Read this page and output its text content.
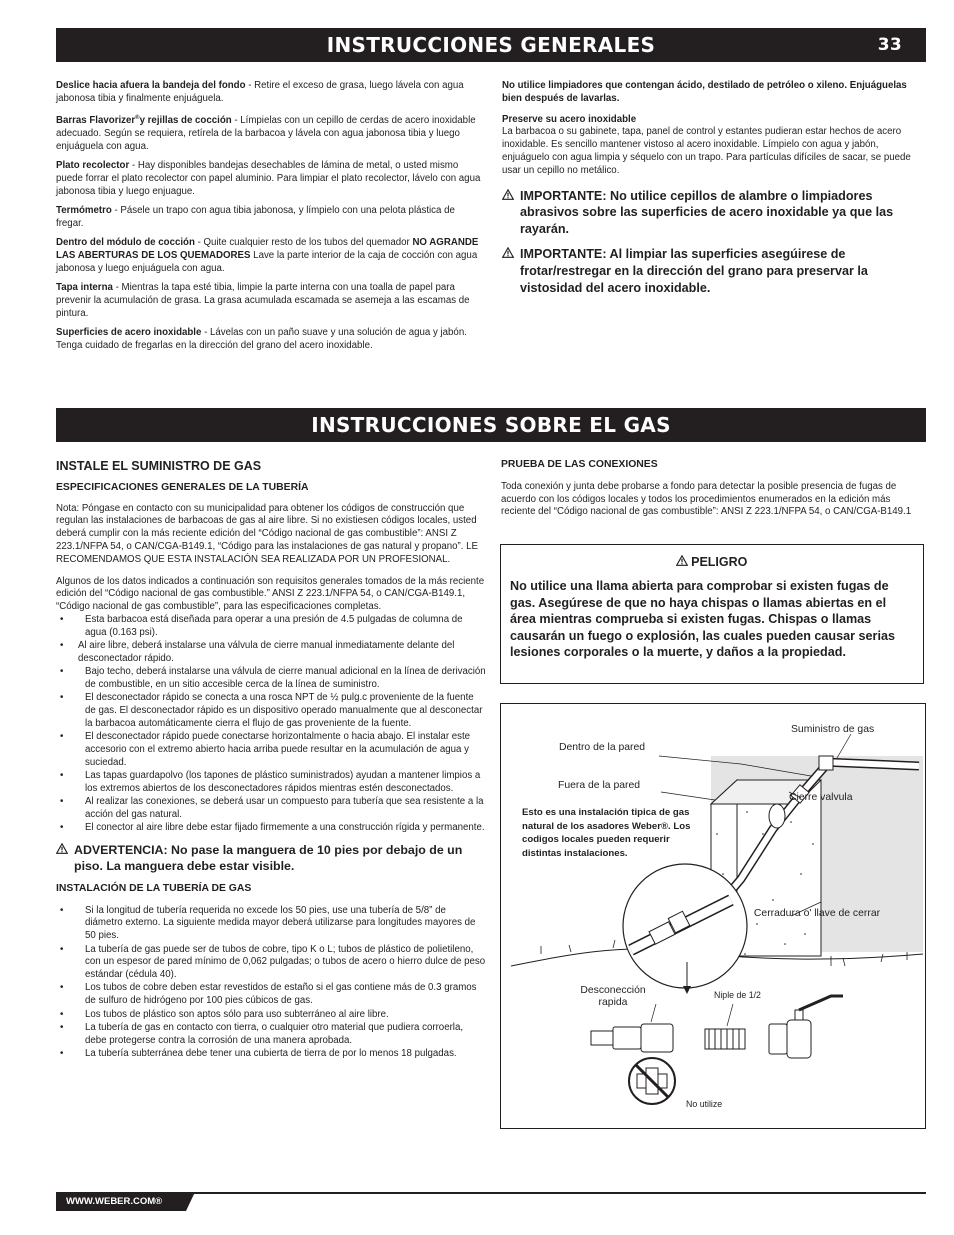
INSTRUCCIONES GENERALES	33

Deslice hacia afuera la bandeja del fondo - Retire el exceso de grasa, luego lávela con agua jabonosa tibia y finalmente enjuáguela.

Barras Flavorizer®y rejillas de cocción - Límpielas con un cepillo de cerdas de acero inoxidable adecuado. Según se requiera, retírela de la barbacoa y lávela con agua jabonosa tibia y luego enjuáguela con agua.

Plato recolector - Hay disponibles bandejas desechables de lámina de metal, o usted mismo puede forrar el plato recolector con papel aluminio. Para limpiar el plato recolector, lávelo con agua jabonosa tibia y luego enjuague.

Termómetro - Pásele un trapo con agua tibia jabonosa, y límpielo con una pelota plástica de fregar.

Dentro del módulo de cocción - Quite cualquier resto de los tubos del quemador NO AGRANDE LAS ABERTURAS DE LOS QUEMADORES Lave la parte interior de la caja de cocción con agua jabonosa y luego enjuáguela con agua.

Tapa interna - Mientras la tapa esté tibia, limpie la parte interna con una toalla de papel para prevenir la acumulación de grasa. La grasa acumulada escamada se asemeja a las escamas de pintura.

Superficies de acero inoxidable - Lávelas con un paño suave y una solución de agua y jabón. Tenga cuidado de fregarlas en la dirección del grano del acero inoxidable.

No utilice limpiadores que contengan ácido, destilado de petróleo o xileno. Enjuáguelas bien después de lavarlas.

Preserve su acero inoxidable

La barbacoa o su gabinete, tapa, panel de control y estantes pudieran estar hechos de acero inoxidable. Es sencillo mantener vistoso al acero inoxidable. Límpielo con agua y jabón, enjuáguelo con agua limpia y séquelo con un trapo. Para partículas difíciles de sacar, se puede usar un cepillo no metálico.

IMPORTANTE: No utilice cepillos de alambre o limpiadores abrasivos sobre las superficies de acero inoxidable ya que las rayarán.
IMPORTANTE: Al limpiar las superficies asegúirese de frotar/restregar en la dirección del grano para preservar la vistosidad del acero inoxidable.
INSTRUCCIONES SOBRE EL GAS
INSTALE EL SUMINISTRO DE GAS
ESPECIFICACIONES GENERALES DE LA TUBERÍA

Nota: Póngase en contacto con su municipalidad para obtener los códigos de construcción que regulan las instalaciones de barbacoas de gas al aire libre. Si no existiesen códigos locales, usted deberá cumplir con la más reciente edición del “Código nacional de gas combustible”: ANSI Z 223.1/NFPA 54, o CAN/CGA-B149.1, “Código para las instalaciones de gas natural y propano”. LE RECOMENDAMOS QUE ESTA INSTALACIÓN SEA REALIZADA POR UN PROFESIONAL.

Algunos de los datos indicados a continuación son requisitos generales tomados de la más reciente edición del “Código nacional de gas combustible.” ANSI Z 223.1/NFPA 54, o CAN/CGA-B149.1, “Código nacional de gas combustible”, para las especificaciones completas.

• Esta barbacoa está diseñada para operar a una presión de 4.5 pulgadas de columna de agua (0.163 psi).
• Al aire libre, deberá instalarse una válvula de cierre manual inmediatamente delante del desconectador rápido.
• Bajo techo, deberá instalarse una válvula de cierre manual adicional en la línea de derivación de combustible, en un sitio accesible cerca de la línea de suministro.
• El desconectador rápido se conecta a una rosca NPT de ½ pulg.c proveniente de la fuente de gas. El desconectador rápido es un dispositivo operado manualmente que al desconectar la barbacoa automáticamente cierra el flujo de gas proveniente de la fuente.
• El desconectador rápido puede conectarse horizontalmente o hacia abajo. El instalar este accesorio con el extremo abierto hacia arriba puede resultar en la acumulación de agua y suciedad.
• Las tapas guardapolvo (los tapones de plástico suministrados) ayudan a mantener limpios a los extremos abiertos de los desconectadores rápidos mientras estén desconectados.
• Al realizar las conexiones, se deberá usar un compuesto para tubería que sea resistente a la acción del gas natural.
• El conector al aire libre debe estar fijado firmemente a una construcción rígida y permanente.
ADVERTENCIA: No pase la manguera de 10 pies por debajo de un piso. La manguera debe estar visible.
INSTALACIÓN DE LA TUBERÍA DE GAS
• Si la longitud de tubería requerida no excede los 50 pies, use una tubería de 5/8” de diámetro externo. La siguiente medida mayor deberá utilizarse para longitudes mayores de 50 pies.
• La tubería de gas puede ser de tubos de cobre, tipo K o L; tubos de plástico de polietileno, con un espesor de pared mínimo de 0,062 pulgadas; o tubos de acero o hierro dulce de peso estándar (cédula 40).
• Los tubos de cobre deben estar revestidos de estaño si el gas contiene más de 0.3 gramos de sulfuro de hidrógeno por 100 pies cúbicos de gas.
• Los tubos de plástico son aptos sólo para uso subterráneo al aire libre.
• La tubería de gas en contacto con tierra, o cualquier otro material que pudiera corroerla, debe protegerse contra la corrosión de una manera aprobada.
• La tubería subterránea debe tener una cubierta de tierra de por lo menos 18 pulgadas.
PRUEBA DE LAS CONEXIONES

Toda conexión y junta debe probarse a fondo para detectar la posible presencia de fugas de acuerdo con los códigos locales y todos los procedimientos enumerados en la edición más reciente del “Código nacional de gas combustible”: ANSI Z 223.1/NFPA 54, o CAN/CGA-B149.1

PELIGRO
No utilice una llama abierta para comprobar si existen fugas de gas. Asegúrese de que no haya chispas o llamas abiertas en el área mientras comprueba si existen fugas. Chispas o llamas causarán un fuego o explosión, las cuales pueden causar serias lesiones corporales o la muerte, y daños a la propiedad.
Suministro de gas
Dentro de la pared
Fuera de la pared
Cierre valvula
Esto es una instalación tipica de gas natural de los asadores Weber®. Los codigos locales pueden requerir distintas instalaciones.
Cerradura o' llave de cerrar
Desconección rapida
Niple de 1/2
No utilize
WWW.WEBER.COM®
